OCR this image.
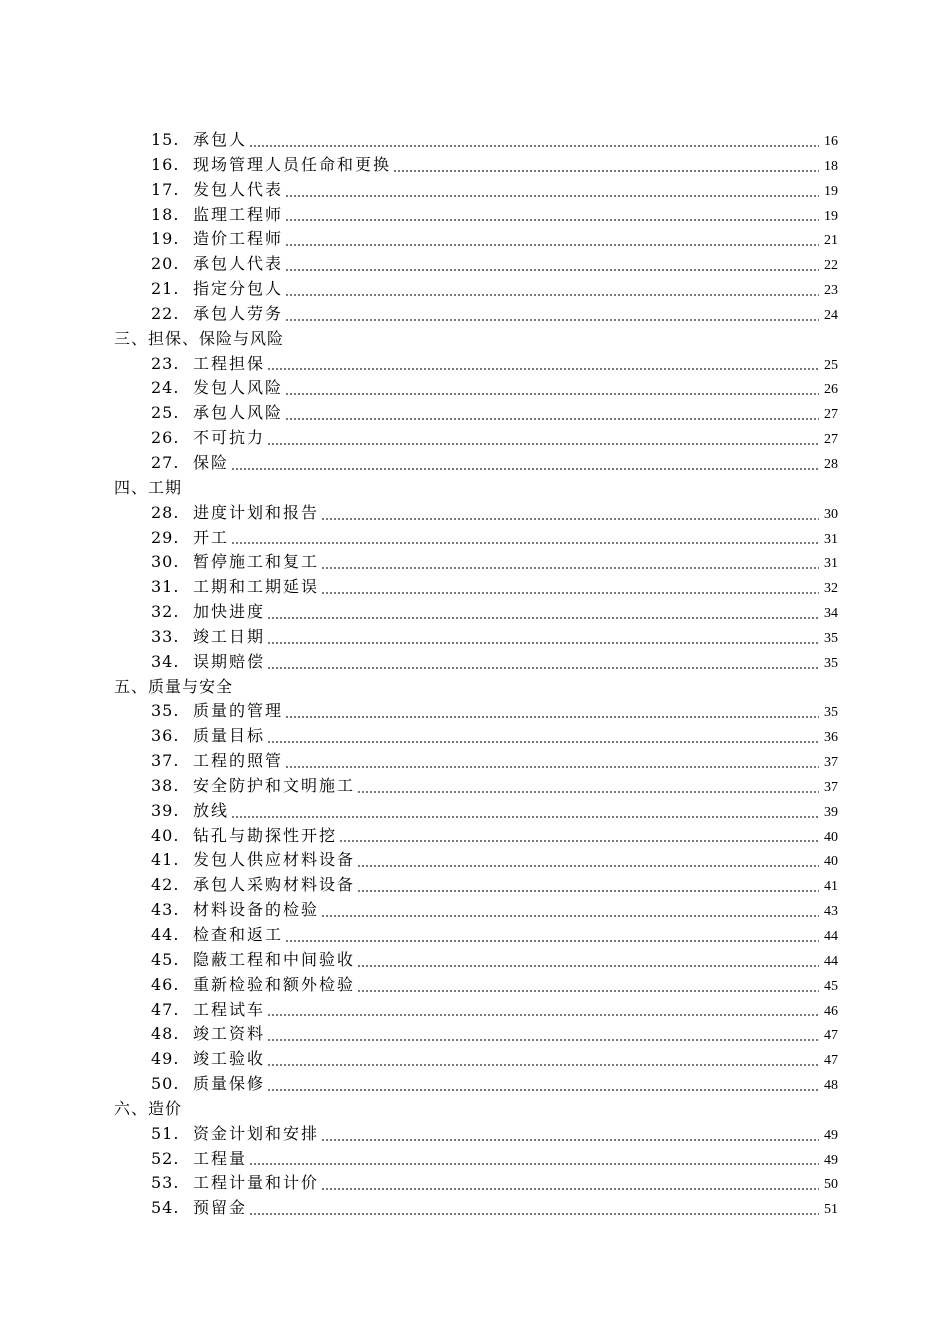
15. 承包人	16
16. 现场管理人员任命和更换	18
17. 发包人代表	19
18. 监理工程师	19
19. 造价工程师	21
20. 承包人代表	22
21. 指定分包人	23
22. 承包人劳务	24
三、担保、保险与风险
23. 工程担保	25
24. 发包人风险	26
25. 承包人风险	27
26. 不可抗力	27
27. 保险	28
四、工期
28. 进度计划和报告	30
29. 开工	31
30. 暂停施工和复工	31
31. 工期和工期延误	32
32. 加快进度	34
33. 竣工日期	35
34. 误期赔偿	35
五、质量与安全
35. 质量的管理	35
36. 质量目标	36
37. 工程的照管	37
38. 安全防护和文明施工	37
39. 放线	39
40. 钻孔与勘探性开挖	40
41. 发包人供应材料设备	40
42. 承包人采购材料设备	41
43. 材料设备的检验	43
44. 检查和返工	44
45. 隐蔽工程和中间验收	44
46. 重新检验和额外检验	45
47. 工程试车	46
48. 竣工资料	47
49. 竣工验收	47
50. 质量保修	48
六、造价
51. 资金计划和安排	49
52. 工程量	49
53. 工程计量和计价	50
54. 预留金	51
